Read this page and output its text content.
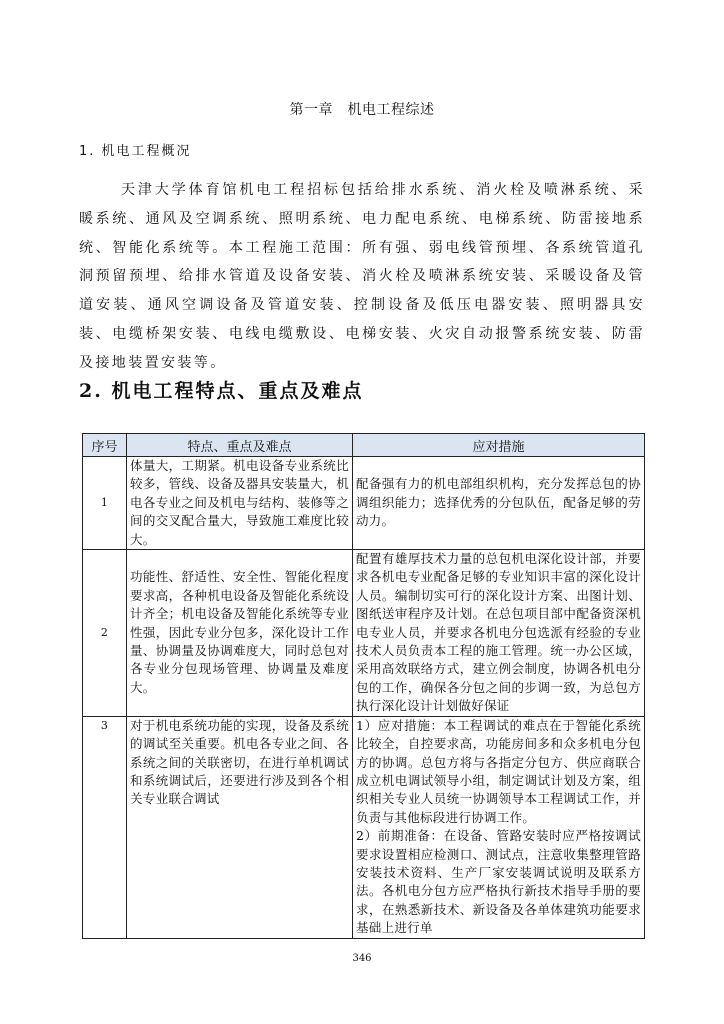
第一章　机电工程综述
1. 机电工程概况

天津大学体育馆机电工程招标包括给排水系统、消火栓及喷淋系统、采暖系统、通风及空调系统、照明系统、电力配电系统、电梯系统、防雷接地系统、智能化系统等。本工程施工范围：所有强、弱电线管预埋、各系统管道孔洞预留预埋、给排水管道及设备安装、消火栓及喷淋系统安装、采暖设备及管道安装、通风空调设备及管道安装、控制设备及低压电器安装、照明器具安装、电缆桥架安装、电线电缆敷设、电梯安装、火灾自动报警系统安装、防雷及接地装置安装等。

2. 机电工程特点、重点及难点
序号	特点、重点及难点	应对措施
1	体量大，工期紧。机电设备专业系统比较多，管线、设备及器具安装量大，机电各专业之间及机电与结构、装修等之间的交叉配合量大，导致施工难度比较大。	配备强有力的机电部组织机构，充分发挥总包的协调组织能力；选择优秀的分包队伍，配备足够的劳动力。
2	功能性、舒适性、安全性、智能化程度要求高，各种机电设备及智能化系统设计齐全；机电设备及智能化系统等专业性强，因此专业分包多，深化设计工作量、协调量及协调难度大，同时总包对各专业分包现场管理、协调量及难度大。	配置有雄厚技术力量的总包机电深化设计部，并要求各机电专业配备足够的专业知识丰富的深化设计人员。编制切实可行的深化设计方案、出图计划、图纸送审程序及计划。在总包项目部中配备资深机电专业人员，并要求各机电分包选派有经验的专业技术人员负责本工程的施工管理。统一办公区域，采用高效联络方式，建立例会制度，协调各机电分包的工作，确保各分包之间的步调一致，为总包方执行深化设计计划做好保证
3	对于机电系统功能的实现，设备及系统的调试至关重要。机电各专业之间、各系统之间的关联密切，在进行单机调试和系统调试后，还要进行涉及到各个相关专业联合调试	1）应对措施：本工程调试的难点在于智能化系统比较全，自控要求高，功能房间多和众多机电分包方的协调。总包方将与各指定分包方、供应商联合成立机电调试领导小组，制定调试计划及方案，组织相关专业人员统一协调领导本工程调试工作，并负责与其他标段进行协调工作。
2）前期准备：在设备、管路安装时应严格按调试要求设置相应检测口、测试点，注意收集整理管路安装技术资料、生产厂家安装调试说明及联系方法。各机电分包方应严格执行新技术指导手册的要求，在熟悉新技术、新设备及各单体建筑功能要求基础上进行单
346
